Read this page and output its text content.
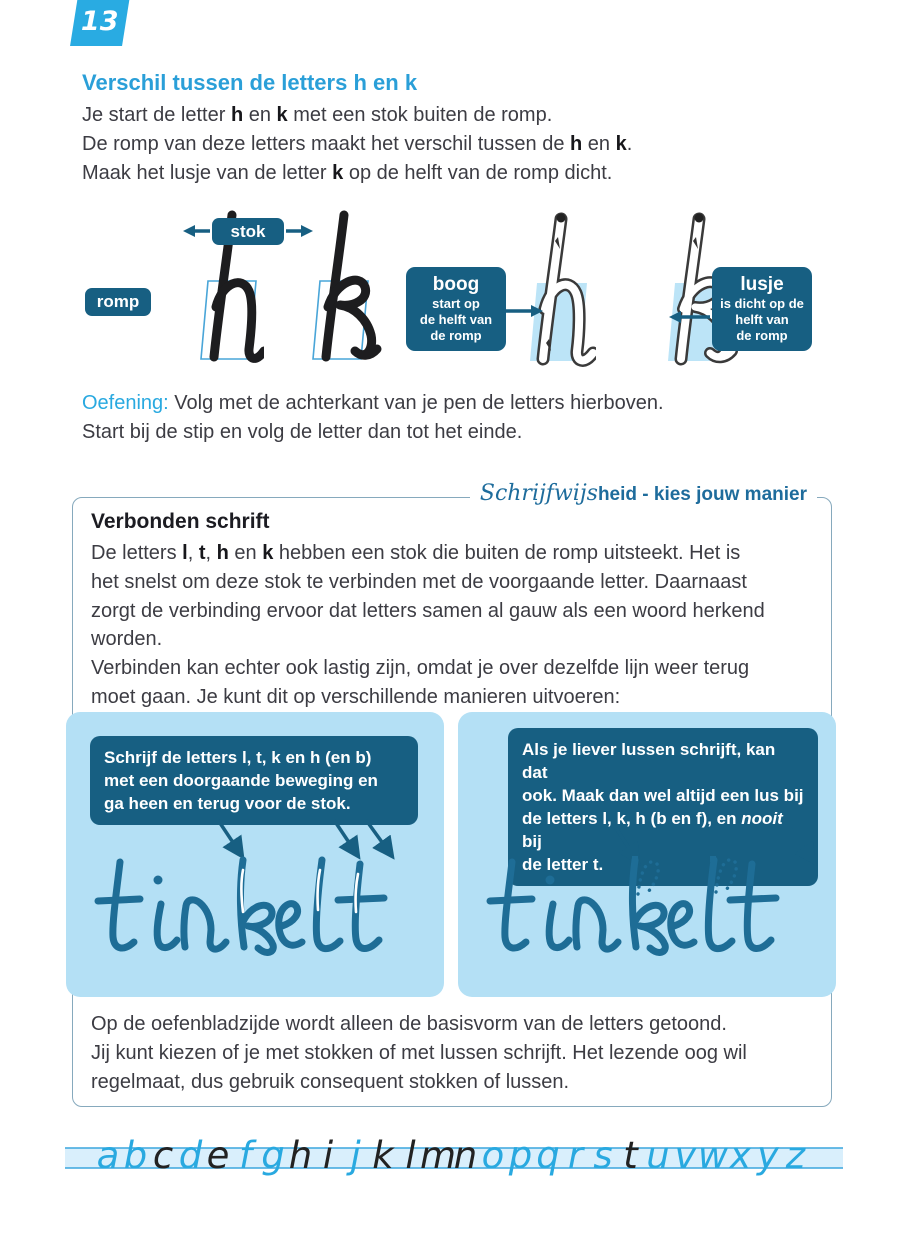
13
Verschil tussen de letters h en k
Je start de letter h en k met een stok buiten de romp.
De romp van deze letters maakt het verschil tussen de h en k.
Maak het lusje van de letter k op de helft van de romp dicht.
stok
romp
boog
start op
de helft van
de romp
lusje
is dicht op de
helft van
de romp
Oefening: Volg met de achterkant van je pen de letters hierboven.
Start bij de stip en volg de letter dan tot het einde.
Verbonden schrift
De letters l, t, h en k hebben een stok die buiten de romp uitsteekt. Het is
het snelst om deze stok te verbinden met de voorgaande letter. Daarnaast
zorgt de verbinding ervoor dat letters samen al gauw als een woord herkend
worden.
Verbinden kan echter ook lastig zijn, omdat je over dezelfde lijn weer terug
moet gaan. Je kunt dit op verschillende manieren uitvoeren:
Op de oefenbladzijde wordt alleen de basisvorm van de letters getoond.
Jij kunt kiezen of je met stokken of met lussen schrijft. Het lezende oog wil
regelmaat, dus gebruik consequent stokken of lussen.
Schrijfwijsheid - kies jouw manier
Schrijf de letters l, t, k en h (en b)
met een doorgaande beweging en
ga heen en terug voor de stok.
Als je liever lussen schrijft, kan dat
ook. Maak dan wel altijd een lus bij
de letters l, k, h (b en f), en nooit bij
de letter t.
a b c d e f g h i j k l m
n o p q r s t u v w x y z
